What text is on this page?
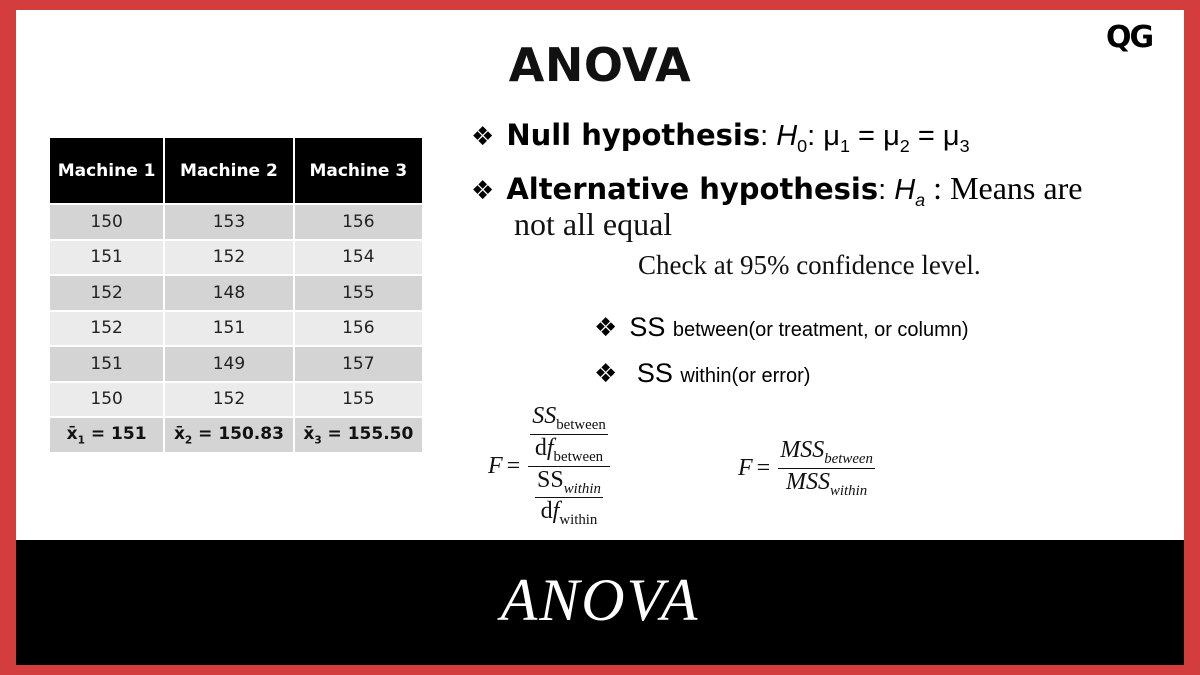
ANOVA
QG
Machine 1	Machine 2	Machine 3
150	153	156
151	152	154
152	148	155
152	151	156
151	149	157
150	152	155
$x̄_1 = 151$	$x̄_2 = 150.83$	$x̄_3 = 155.50$
❖ Null hypothesis: $H_0$: $\mu_1 = \mu_2 = \mu_3$
❖ Alternative hypothesis: $H_a$ : Means are
not all equal
Check at 95% confidence level.
❖ SS between(or treatment, or column)
❖ SS within(or error)
$F = \frac{\frac{SS_{between}}{df_{between}}}{\frac{SS_{within}}{df_{within}}}$	$F = \frac{MSS_{between}}{MSS_{within}}$
ANOVA
